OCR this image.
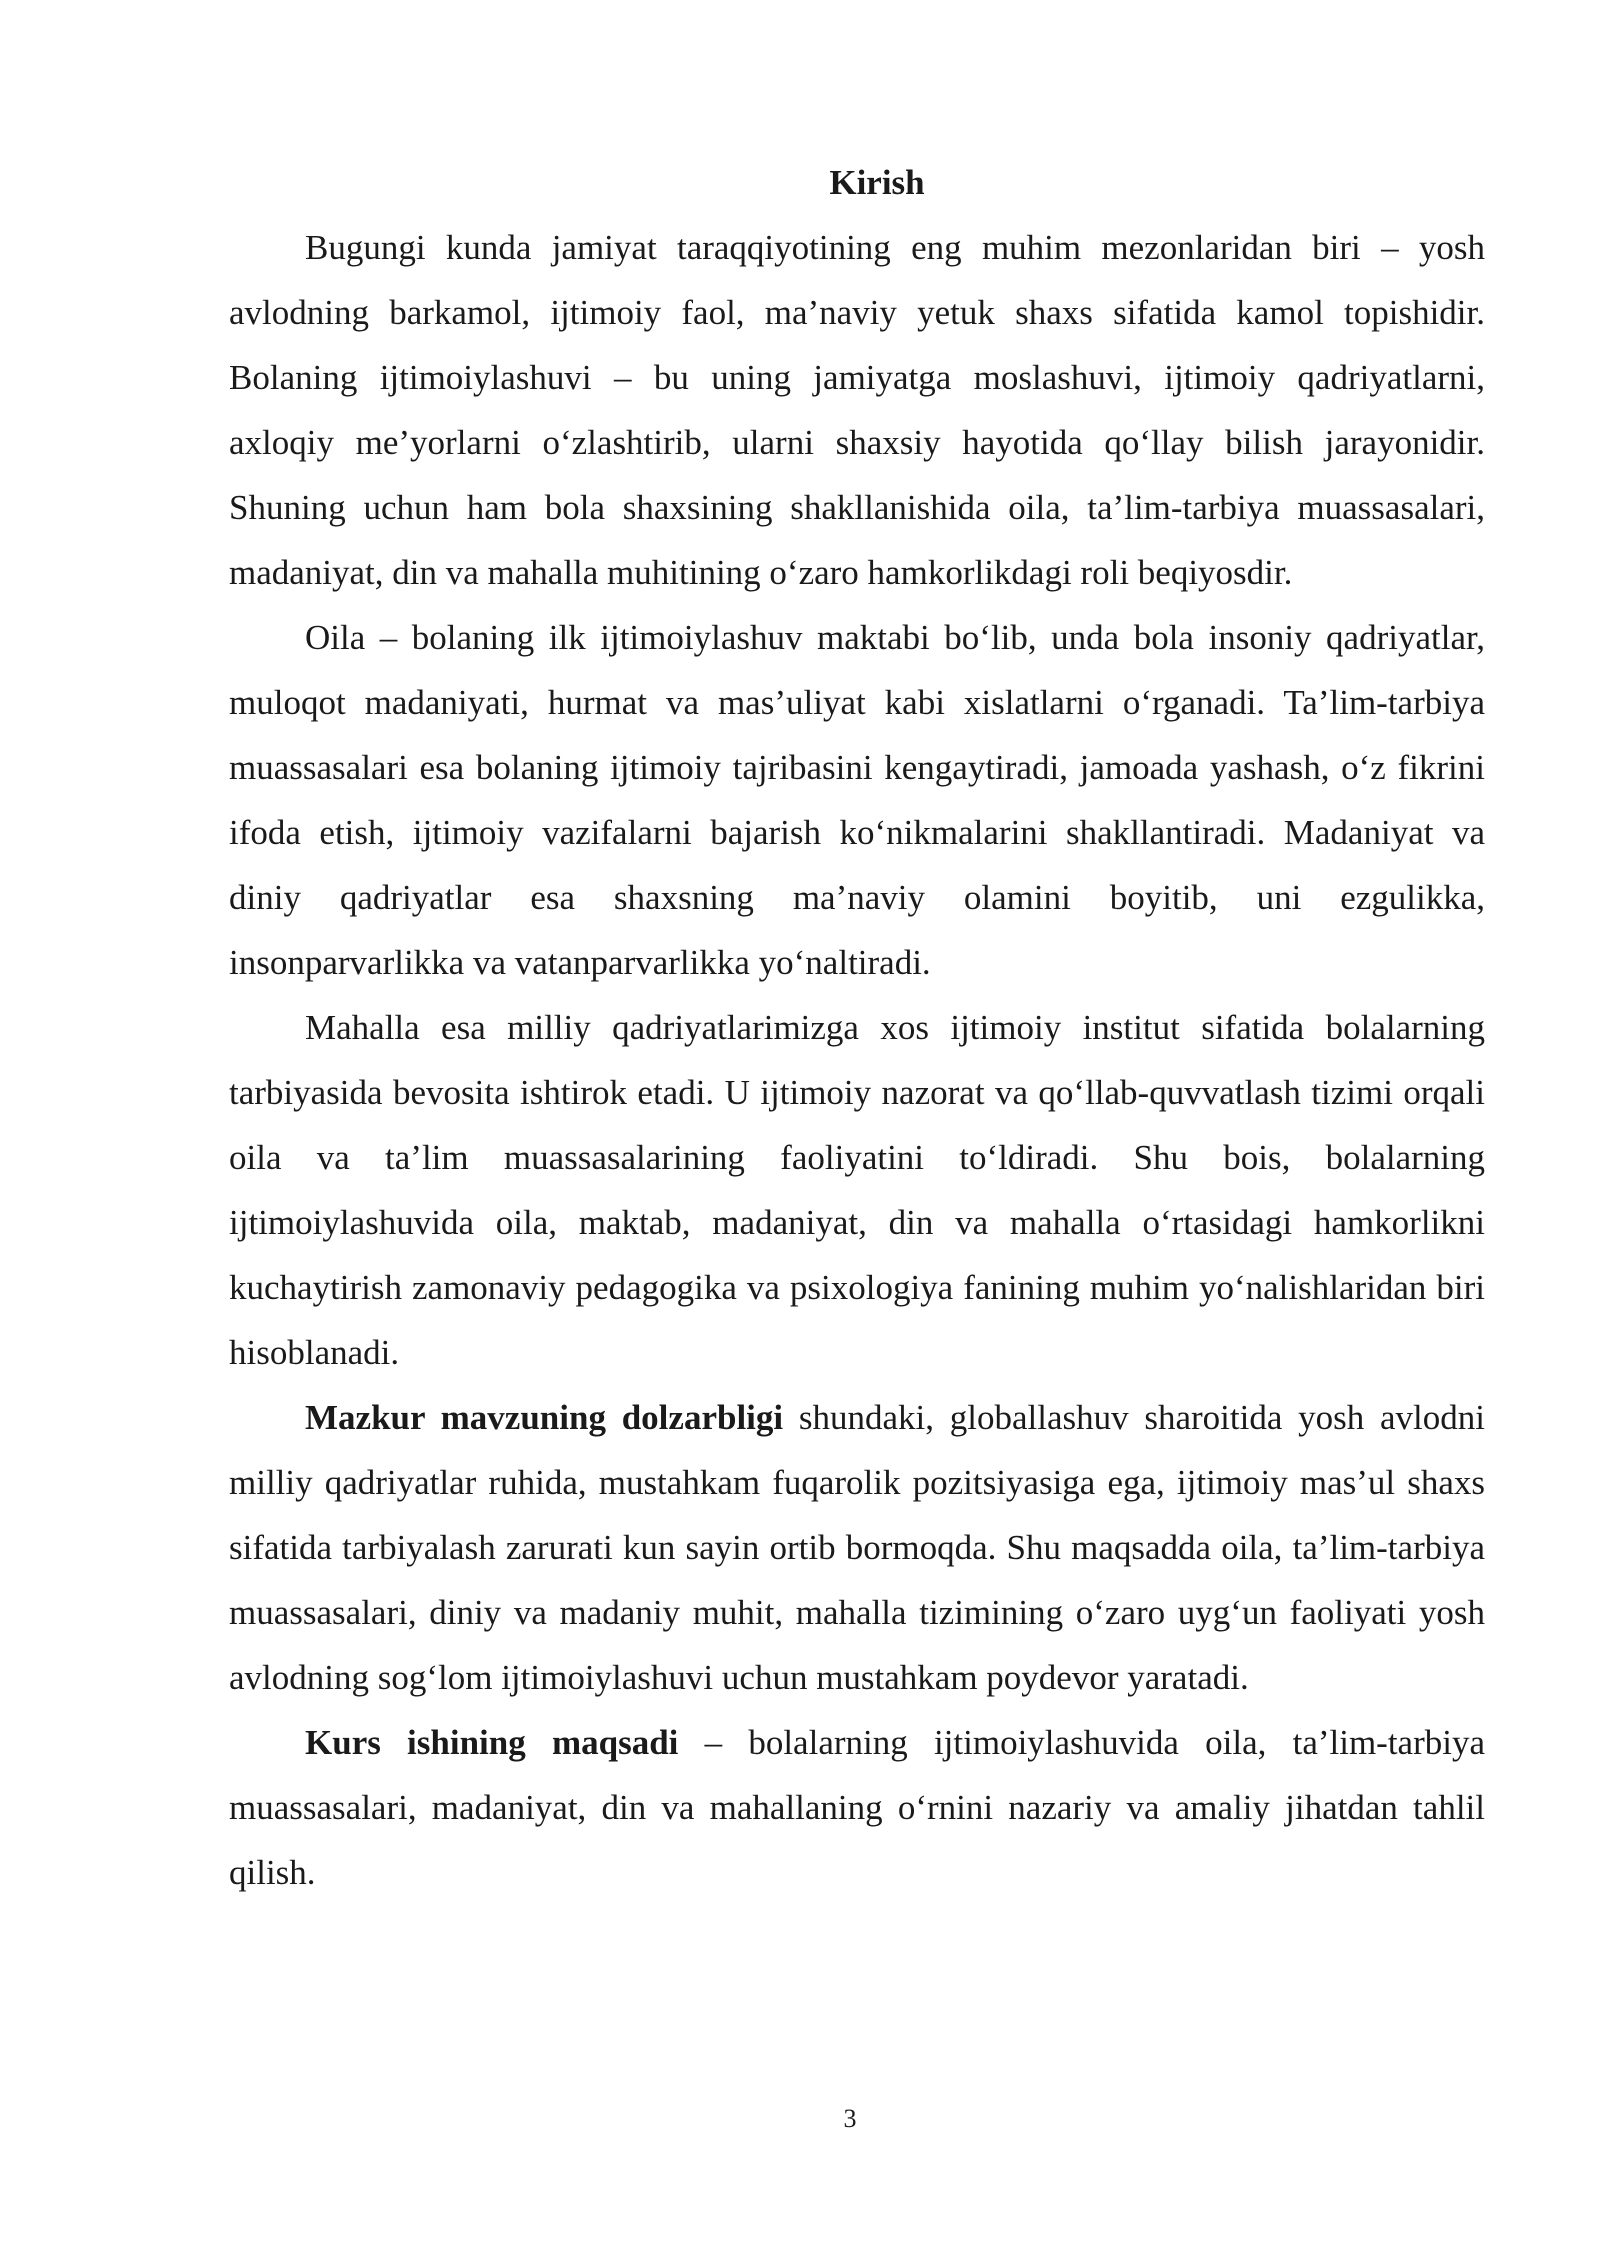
Kirish

Bugungi kunda jamiyat taraqqiyotining eng muhim mezonlaridan biri – yosh avlodning barkamol, ijtimoiy faol, ma’naviy yetuk shaxs sifatida kamol topishidir. Bolaning ijtimoiylashuvi – bu uning jamiyatga moslashuvi, ijtimoiy qadriyatlarni, axloqiy me’yorlarni o‘zlashtirib, ularni shaxsiy hayotida qo‘llay bilish jarayonidir. Shuning uchun ham bola shaxsining shakllanishida oila, ta’lim-tarbiya muassasalari, madaniyat, din va mahalla muhitining o‘zaro hamkorlikdagi roli beqiyosdir.

Oila – bolaning ilk ijtimoiylashuv maktabi bo‘lib, unda bola insoniy qadriyatlar, muloqot madaniyati, hurmat va mas’uliyat kabi xislatlarni o‘rganadi. Ta’lim-tarbiya muassasalari esa bolaning ijtimoiy tajribasini kengaytiradi, jamoada yashash, o‘z fikrini ifoda etish, ijtimoiy vazifalarni bajarish ko‘nikmalarini shakllantiradi. Madaniyat va diniy qadriyatlar esa shaxsning ma’naviy olamini boyitib, uni ezgulikka, insonparvarlikka va vatanparvarlikka yo‘naltiradi.

Mahalla esa milliy qadriyatlarimizga xos ijtimoiy institut sifatida bolalarning tarbiyasida bevosita ishtirok etadi. U ijtimoiy nazorat va qo‘llab-quvvatlash tizimi orqali oila va ta’lim muassasalarining faoliyatini to‘ldiradi. Shu bois, bolalarning ijtimoiylashuvida oila, maktab, madaniyat, din va mahalla o‘rtasidagi hamkorlikni kuchaytirish zamonaviy pedagogika va psixologiya fanining muhim yo‘nalishlaridan biri hisoblanadi.

Mazkur mavzuning dolzarbligi shundaki, globallashuv sharoitida yosh avlodni milliy qadriyatlar ruhida, mustahkam fuqarolik pozitsiyasiga ega, ijtimoiy mas’ul shaxs sifatida tarbiyalash zarurati kun sayin ortib bormoqda. Shu maqsadda oila, ta’lim-tarbiya muassasalari, diniy va madaniy muhit, mahalla tizimining o‘zaro uyg‘un faoliyati yosh avlodning sog‘lom ijtimoiylashuvi uchun mustahkam poydevor yaratadi.

Kurs ishining maqsadi – bolalarning ijtimoiylashuvida oila, ta’lim-tarbiya muassasalari, madaniyat, din va mahallaning o‘rnini nazariy va amaliy jihatdan tahlil qilish.

3
